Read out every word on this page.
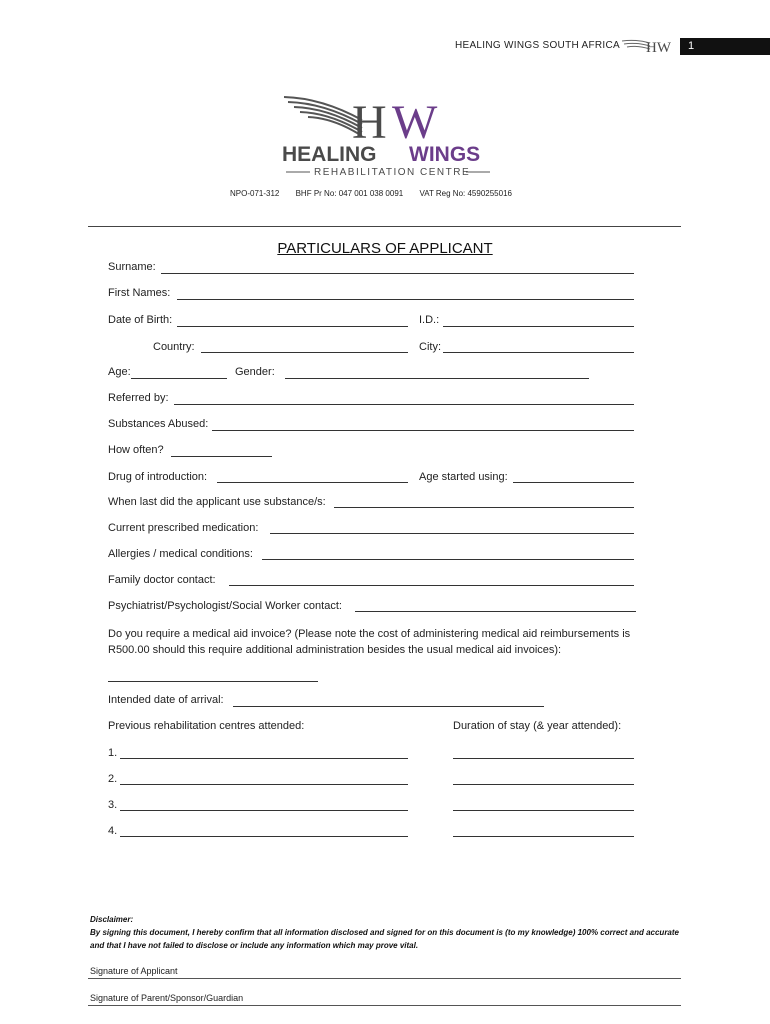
HEALING WINGS SOUTH AFRICA HW 1
H W
HEALING WINGS
REHABILITATION CENTRE
NPO-071-312 BHF Pr No: 047 001 038 0091 VAT Reg No: 4590255016
PARTICULARS OF APPLICANT
Surname:
First Names:
Date of Birth:	I.D.:
Country:	City:
Age:	Gender:
Referred by:
Substances Abused:
How often?
Drug of introduction:	Age started using:
When last did the applicant use substance/s:
Current prescribed medication:
Allergies / medical conditions:
Family doctor contact:
Psychiatrist/Psychologist/Social Worker contact:
Do you require a medical aid invoice? (Please note the cost of administering medical aid reimbursements is R500.00 should this require additional administration besides the usual medical aid invoices):
Intended date of arrival:
Previous rehabilitation centres attended:	Duration of stay (& year attended):
1.
2.
3.
4.
Disclaimer:
By signing this document, I hereby confirm that all information disclosed and signed for on this document is (to my knowledge) 100% correct and accurate and that I have not failed to disclose or include any information which may prove vital.
Signature of Applicant
Signature of Parent/Sponsor/Guardian
